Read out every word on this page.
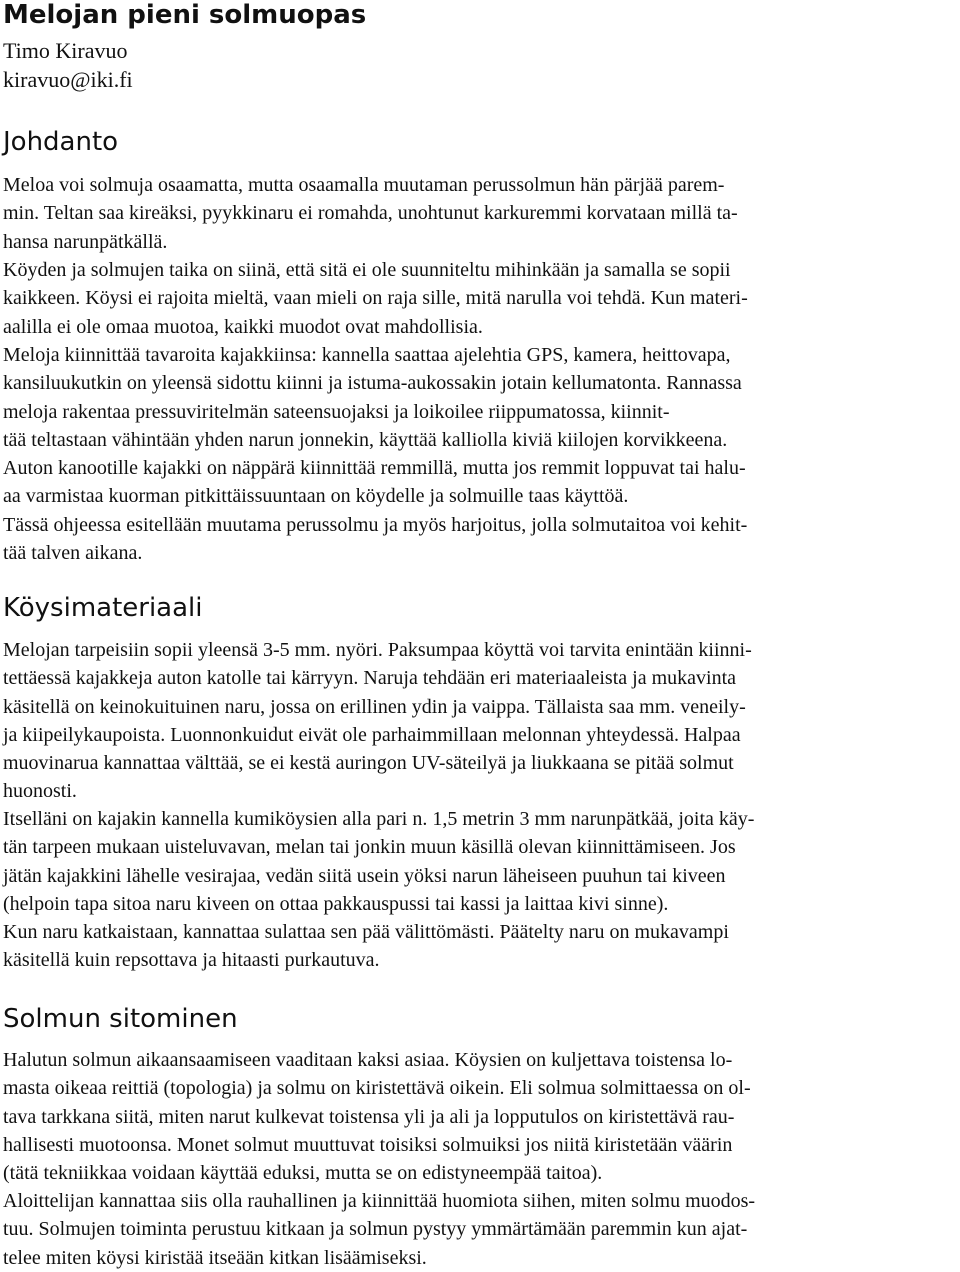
Melojan pieni solmuopas
Timo Kiravuo
kiravuo@iki.fi
Johdanto
Meloa voi solmuja osaamatta, mutta osaamalla muutaman perussolmun hän pärjää parem-
min. Teltan saa kireäksi, pyykkinaru ei romahda, unohtunut karkuremmi korvataan millä ta-
hansa narunpätkällä.
Köyden ja solmujen taika on siinä, että sitä ei ole suunniteltu mihinkään ja samalla se sopii
kaikkeen. Köysi ei rajoita mieltä, vaan mieli on raja sille, mitä narulla voi tehdä. Kun materi-
aalilla ei ole omaa muotoa, kaikki muodot ovat mahdollisia.
Meloja kiinnittää tavaroita kajakkiinsa: kannella saattaa ajelehtia GPS, kamera, heittovapa,
kansiluukutkin on yleensä sidottu kiinni ja istuma-aukossakin jotain kellumatonta. Rannassa
meloja rakentaa pressuviritelmän sateensuojaksi ja loikoilee riippumatossa, kiinnit-
tää teltastaan vähintään yhden narun jonnekin, käyttää kalliolla kiviä kiilojen korvikkeena.
Auton kanootille kajakki on näppärä kiinnittää remmillä, mutta jos remmit loppuvat tai halu-
aa varmistaa kuorman pitkittäissuuntaan on köydelle ja solmuille taas käyttöä.
Tässä ohjeessa esitellään muutama perussolmu ja myös harjoitus, jolla solmutaitoa voi kehit-
tää talven aikana.
Köysimateriaali
Melojan tarpeisiin sopii yleensä 3-5 mm. nyöri. Paksumpaa köyttä voi tarvita enintään kiinni-
tettäessä kajakkeja auton katolle tai kärryyn. Naruja tehdään eri materiaaleista ja mukavinta
käsitellä on keinokuituinen naru, jossa on erillinen ydin ja vaippa. Tällaista saa mm. veneily-
ja kiipeilykaupoista. Luonnonkuidut eivät ole parhaimmillaan melonnan yhteydessä. Halpaa
muovinarua kannattaa välttää, se ei kestä auringon UV-säteilyä ja liukkaana se pitää solmut
huonosti.
Itselläni on kajakin kannella kumiköysien alla pari n. 1,5 metrin 3 mm narunpätkää, joita käy-
tän tarpeen mukaan uisteluvavan, melan tai jonkin muun käsillä olevan kiinnittämiseen. Jos
jätän kajakkini lähelle vesirajaa, vedän siitä usein yöksi narun läheiseen puuhun tai kiveen
(helpoin tapa sitoa naru kiveen on ottaa pakkauspussi tai kassi ja laittaa kivi sinne).
Kun naru katkaistaan, kannattaa sulattaa sen pää välittömästi. Päätelty naru on mukavampi
käsitellä kuin repsottava ja hitaasti purkautuva.
Solmun sitominen
Halutun solmun aikaansaamiseen vaaditaan kaksi asiaa. Köysien on kuljettava toistensa lo-
masta oikeaa reittiä (topologia) ja solmu on kiristettävä oikein. Eli solmua solmittaessa on ol-
tava tarkkana siitä, miten narut kulkevat toistensa yli ja ali ja lopputulos on kiristettävä rau-
hallisesti muotoonsa. Monet solmut muuttuvat toisiksi solmuiksi jos niitä kiristetään väärin
(tätä tekniikkaa voidaan käyttää eduksi, mutta se on edistyneempää taitoa).
Aloittelijan kannattaa siis olla rauhallinen ja kiinnittää huomiota siihen, miten solmu muodos-
tuu. Solmujen toiminta perustuu kitkaan ja solmun pystyy ymmärtämään paremmin kun ajat-
telee miten köysi kiristää itseään kitkan lisäämiseksi.
